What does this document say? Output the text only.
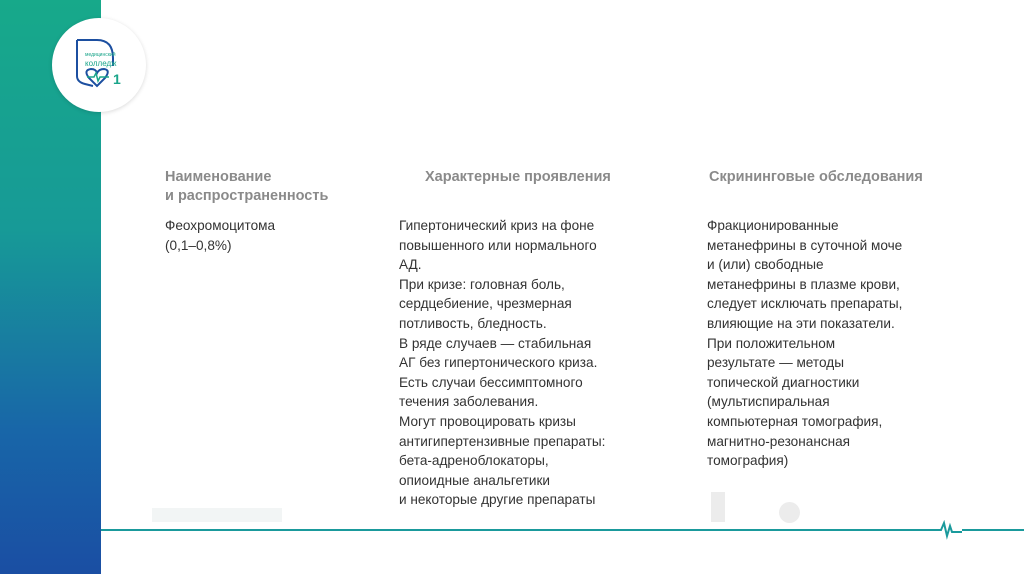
медицинский
колледж
1
Наименование
и распространенность
Характерные проявления	Скрининговые обследования
Феохромоцитома
(0,1–0,8%)
Гипертонический криз на фоне
повышенного или нормального
АД.
При кризе: головная боль,
сердцебиение, чрезмерная
потливость, бледность.
В ряде случаев — стабильная
АГ без гипертонического криза.
Есть случаи бессимптомного
течения заболевания.
Могут провоцировать кризы
антигипертензивные препараты:
бета-адреноблокаторы,
опиоидные анальгетики
и некоторые другие препараты
Фракционированные
метанефрины в суточной моче
и (или) свободные
метанефрины в плазме крови,
следует исключать препараты,
влияющие на эти показатели.
При положительном
результате — методы
топической диагностики
(мультиспиральная
компьютерная томография,
магнитно-резонансная
томография)
